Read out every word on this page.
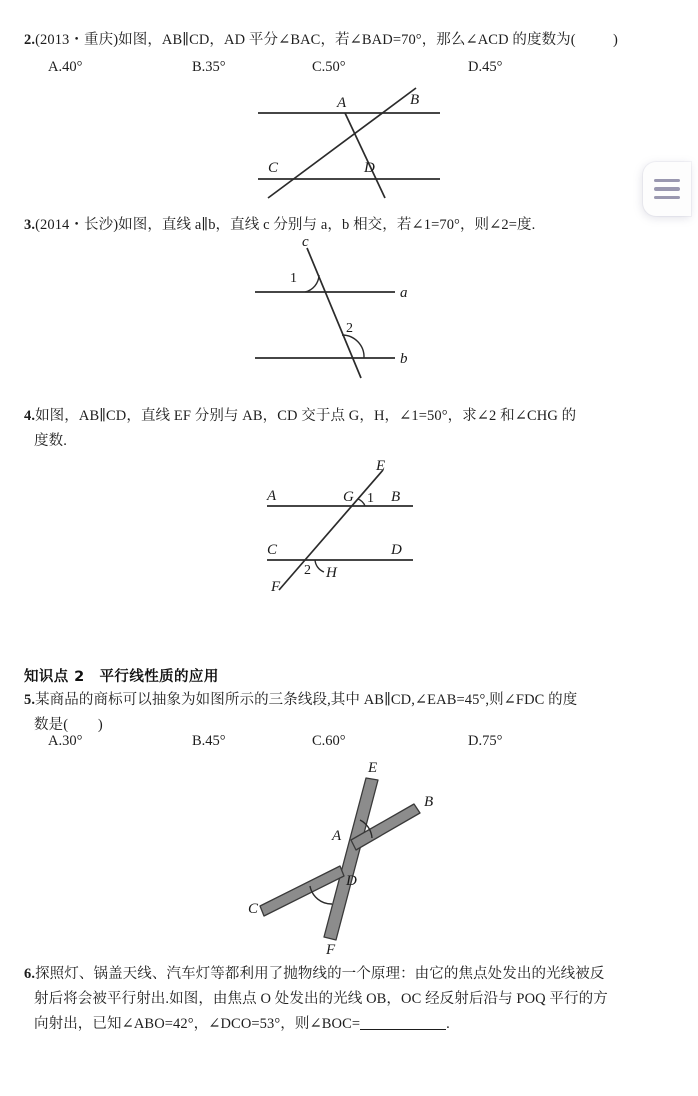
2.(2013・重庆)如图，AB∥CD，AD 平分∠BAC，若∠BAD=70°，那么∠ACD 的度数为(          )
A.40°	B.35°	C.50°	D.45°
A	B
C	D
3.(2014・长沙)如图，直线 a∥b，直线 c 分别与 a，b 相交，若∠1=70°，则∠2=度.
c
a
b
1
2
4.如图，AB∥CD，直线 EF 分别与 AB，CD 交于点 G，H，∠1=50°，求∠2 和∠CHG 的
度数.
E
A	G 1 B
C	D
2 H
F
知识点 2　平行线性质的应用
5.某商品的商标可以抽象为如图所示的三条线段,其中 AB∥CD,∠EAB=45°,则∠FDC 的度
数是(        )
A.30°	B.45°	C.60°	D.75°
E
B
A
D
C
F
6.探照灯、锅盖天线、汽车灯等都利用了抛物线的一个原理：由它的焦点处发出的光线被反
射后将会被平行射出.如图，由焦点 O 处发出的光线 OB，OC 经反射后沿与 POQ 平行的方
向射出，已知∠ABO=42°，∠DCO=53°，则∠BOC=	.
